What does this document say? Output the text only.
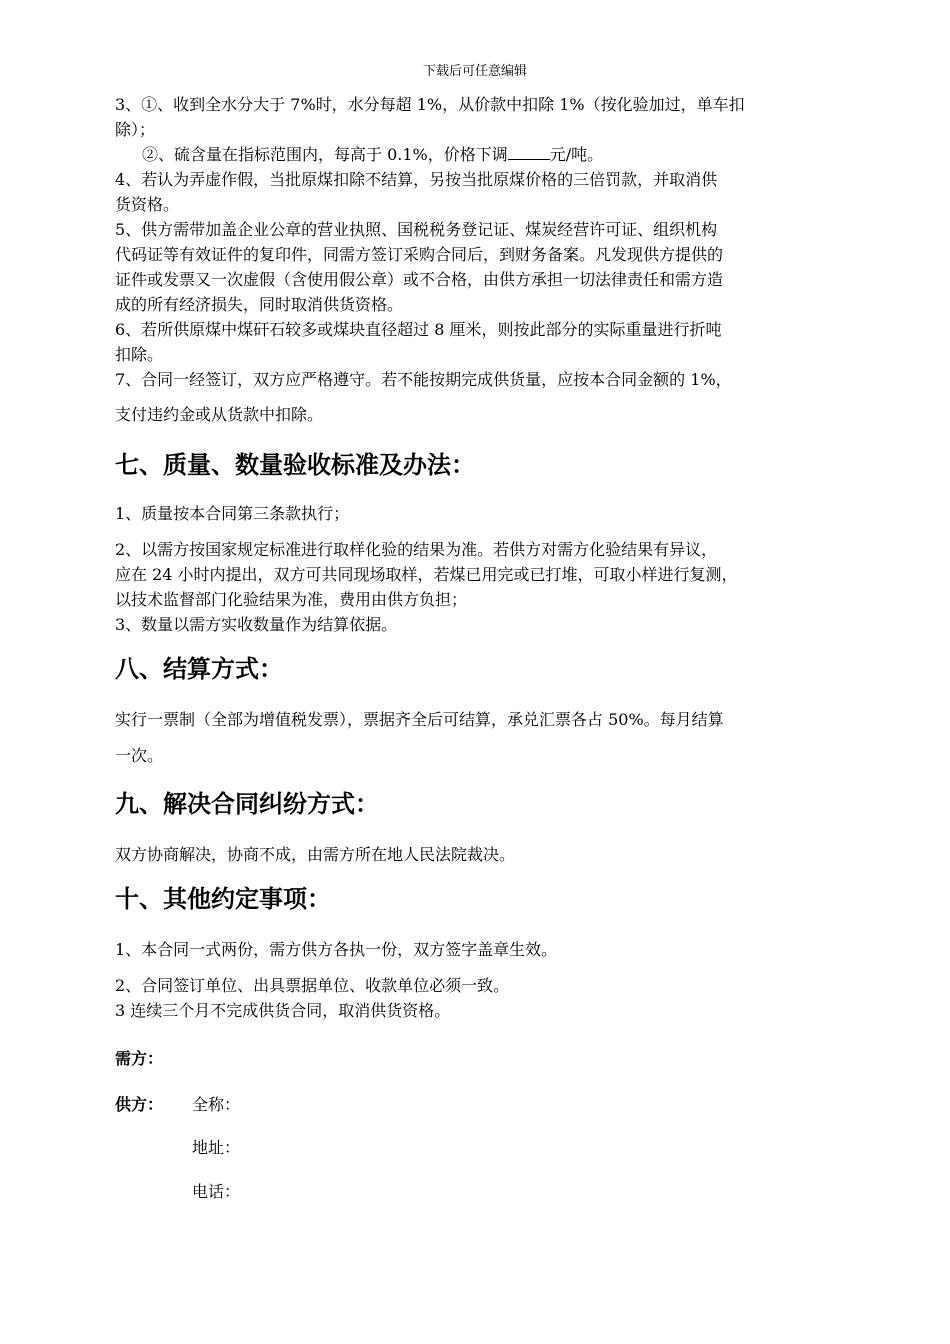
下载后可任意编辑
3、①、收到全水分大于 7%时，水分每超 1%，从价款中扣除 1%（按化验加过，单车扣
除）；
②、硫含量在指标范围内，每高于 0.1%，价格下调	元/吨。
4、若认为弄虚作假，当批原煤扣除不结算，另按当批原煤价格的三倍罚款，并取消供
货资格。
5、供方需带加盖企业公章的营业执照、国税税务登记证、煤炭经营许可证、组织机构
代码证等有效证件的复印件，同需方签订采购合同后，到财务备案。凡发现供方提供的
证件或发票又一次虚假（含使用假公章）或不合格，由供方承担一切法律责任和需方造
成的所有经济损失，同时取消供货资格。
6、若所供原煤中煤矸石较多或煤块直径超过 8 厘米，则按此部分的实际重量进行折吨
扣除。
7、合同一经签订，双方应严格遵守。若不能按期完成供货量，应按本合同金额的 1%，
支付违约金或从货款中扣除。
七、质量、数量验收标准及办法：
1、质量按本合同第三条款执行；
2、以需方按国家规定标准进行取样化验的结果为准。若供方对需方化验结果有异议，
应在 24 小时内提出，双方可共同现场取样，若煤已用完或已打堆，可取小样进行复测，
以技术监督部门化验结果为准，费用由供方负担；
3、数量以需方实收数量作为结算依据。
八、结算方式：
实行一票制（全部为增值税发票），票据齐全后可结算，承兑汇票各占 50%。每月结算
一次。
九、解决合同纠纷方式：
双方协商解决，协商不成，由需方所在地人民法院裁决。
十、其他约定事项：
1、本合同一式两份，需方供方各执一份，双方签字盖章生效。
2、合同签订单位、出具票据单位、收款单位必须一致。
3 连续三个月不完成供货合同，取消供货资格。
需方：
供方： 全称：
地址：
电话：
